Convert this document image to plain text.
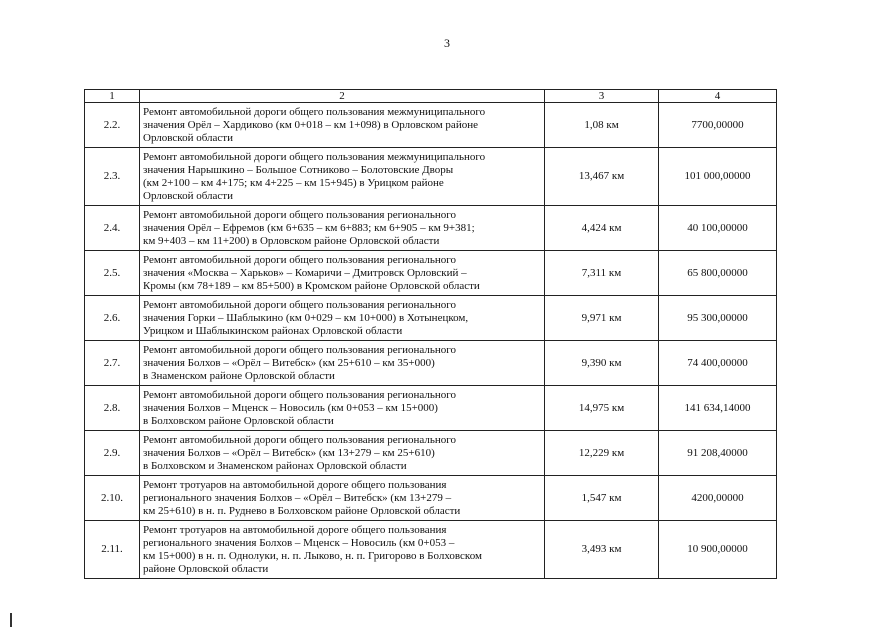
3
1	2	3	4
2.2.	Ремонт автомобильной дороги общего пользования межмуниципального
значения Орёл – Хардиково (км 0+018 – км 1+098) в Орловском районе
Орловской области	1,08 км	7700,00000
2.3.	Ремонт автомобильной дороги общего пользования межмуниципального
значения Нарышкино – Большое Сотниково – Болотовские Дворы
(км 2+100 – км 4+175; км 4+225 – км 15+945) в Урицком районе
Орловской области	13,467 км	101 000,00000
2.4.	Ремонт автомобильной дороги общего пользования регионального
значения Орёл – Ефремов (км 6+635 – км 6+883; км 6+905 – км 9+381;
км 9+403 – км 11+200) в Орловском районе Орловской области	4,424 км	40 100,00000
2.5.	Ремонт автомобильной дороги общего пользования регионального
значения «Москва – Харьков» – Комаричи – Дмитровск Орловский –
Кромы (км 78+189 – км 85+500) в Кромском районе Орловской области	7,311 км	65 800,00000
2.6.	Ремонт автомобильной дороги общего пользования регионального
значения Горки – Шаблыкино (км 0+029 – км 10+000) в Хотынецком,
Урицком и Шаблыкинском районах Орловской области	9,971 км	95 300,00000
2.7.	Ремонт автомобильной дороги общего пользования регионального
значения Болхов – «Орёл – Витебск» (км 25+610 – км 35+000)
в Знаменском районе Орловской области	9,390 км	74 400,00000
2.8.	Ремонт автомобильной дороги общего пользования регионального
значения Болхов – Мценск – Новосиль (км 0+053 – км 15+000)
в Болховском районе Орловской области	14,975 км	141 634,14000
2.9.	Ремонт автомобильной дороги общего пользования регионального
значения Болхов – «Орёл – Витебск» (км 13+279 – км 25+610)
в Болховском и Знаменском районах Орловской области	12,229 км	91 208,40000
2.10.	Ремонт тротуаров на автомобильной дороге общего пользования
регионального значения Болхов – «Орёл – Витебск» (км 13+279 –
км 25+610) в н. п. Руднево в Болховском районе Орловской области	1,547 км	4200,00000
2.11.	Ремонт тротуаров на автомобильной дороге общего пользования
регионального значения Болхов – Мценск – Новосиль (км 0+053 –
км 15+000) в н. п. Однолуки, н. п. Лыково, н. п. Григорово в Болховском
районе Орловской области	3,493 км	10 900,00000
